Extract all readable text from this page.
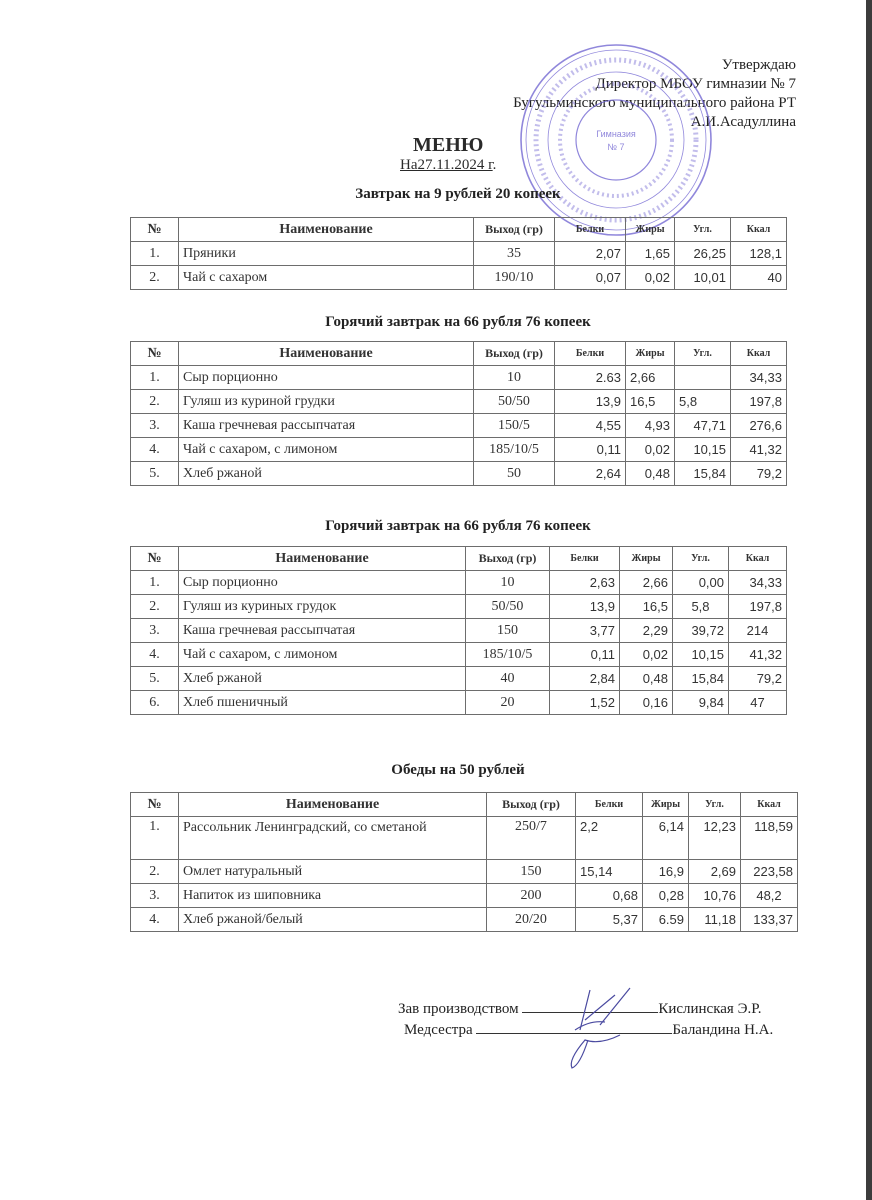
Утверждаю
Директор МБОУ гимназии № 7
Бугульминского муниципального района РТ
А.И.Асадуллина
Гимназия
№ 7
МЕНЮ
На27.11.2024 г.
Завтрак на 9 рублей 20 копеек
№	Наименование	Выход (гр)	Белки	Жиры	Угл.	Ккал
1.	Пряники	35	2,07	1,65	26,25	128,1
2.	Чай с сахаром	190/10	0,07	0,02	10,01	40
Горячий завтрак на 66 рубля 76 копеек
№	Наименование	Выход (гр)	Белки	Жиры	Угл.	Ккал
1.	Сыр порционно	10	2.63	2,66		34,33
2.	Гуляш из куриной грудки	50/50	13,9	16,5	5,8	197,8
3.	Каша гречневая рассыпчатая	150/5	4,55	4,93	47,71	276,6
4.	Чай с сахаром, с лимоном	185/10/5	0,11	0,02	10,15	41,32
5.	Хлеб ржаной	50	2,64	0,48	15,84	79,2
Горячий завтрак на 66 рубля 76 копеек
№	Наименование	Выход (гр)	Белки	Жиры	Угл.	Ккал
1.	Сыр порционно	10	2,63	2,66	0,00	34,33
2.	Гуляш из куриных грудок	50/50	13,9	16,5	5,8	197,8
3.	Каша гречневая рассыпчатая	150	3,77	2,29	39,72	214
4.	Чай с сахаром, с лимоном	185/10/5	0,11	0,02	10,15	41,32
5.	Хлеб ржаной	40	2,84	0,48	15,84	79,2
6.	Хлеб пшеничный	20	1,52	0,16	9,84	47
Обеды на 50 рублей
№	Наименование	Выход (гр)	Белки	Жиры	Угл.	Ккал
1.	Рассольник Ленинградский, со сметаной	250/7	2,2	6,14	12,23	118,59
2.	Омлет натуральный	150	15,14	16,9	2,69	223,58
3.	Напиток из шиповника	200	0,68	0,28	10,76	48,2
4.	Хлеб ржаной/белый	20/20	5,37	6.59	11,18	133,37
Зав производством	Кислинская Э.Р.
Медсестра	Баландина Н.А.
